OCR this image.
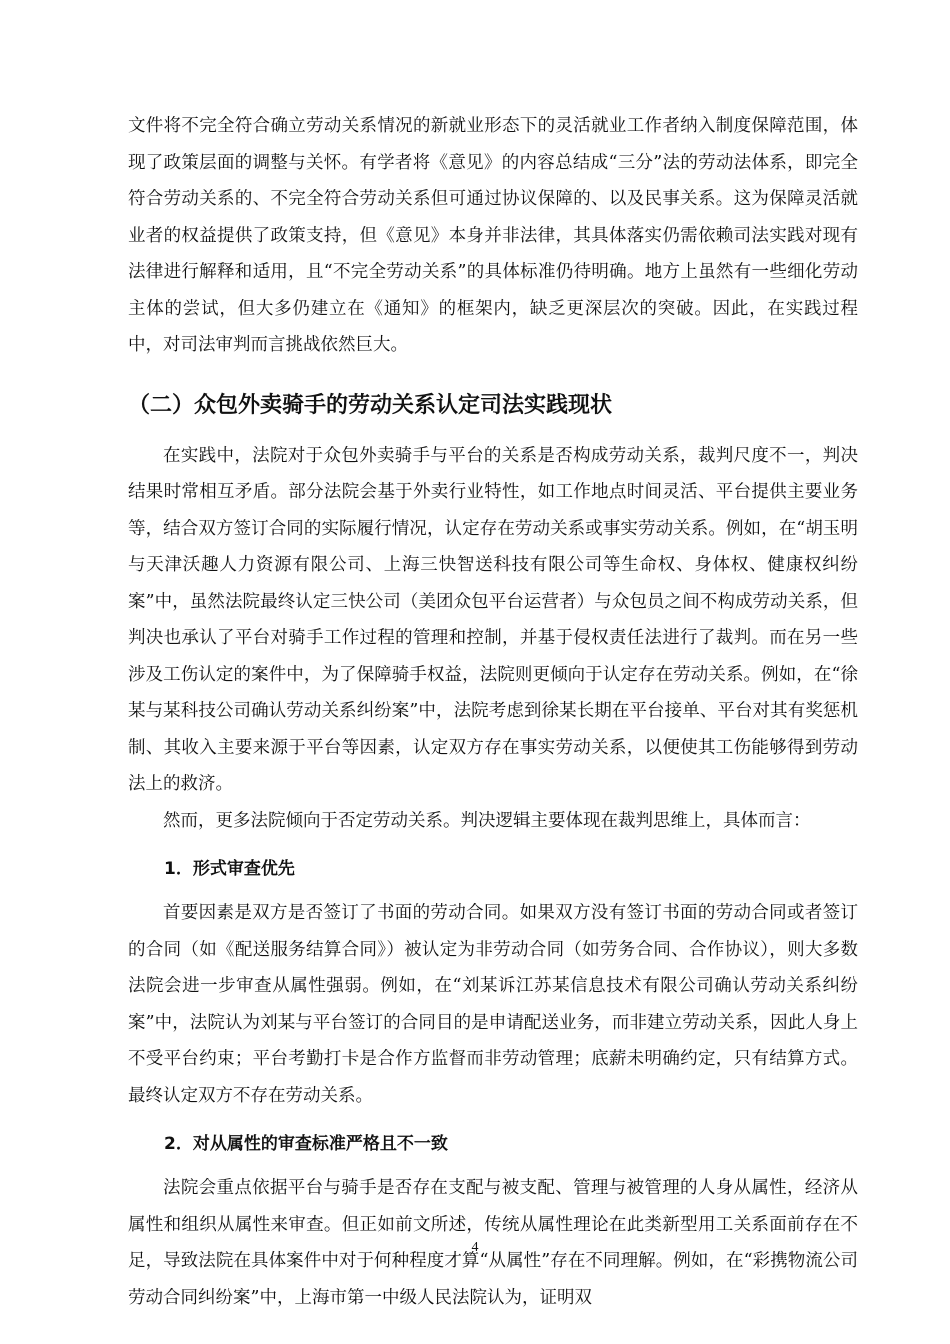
文件将不完全符合确立劳动关系情况的新就业形态下的灵活就业工作者纳入制度保障范围，体现了政策层面的调整与关怀。有学者将《意见》的内容总结成“三分”法的劳动法体系，即完全符合劳动关系的、不完全符合劳动关系但可通过协议保障的、以及民事关系。这为保障灵活就业者的权益提供了政策支持，但《意见》本身并非法律，其具体落实仍需依赖司法实践对现有法律进行解释和适用，且“不完全劳动关系”的具体标准仍待明确。地方上虽然有一些细化劳动主体的尝试，但大多仍建立在《通知》的框架内，缺乏更深层次的突破。因此，在实践过程中，对司法审判而言挑战依然巨大。

（二）众包外卖骑手的劳动关系认定司法实践现状

在实践中，法院对于众包外卖骑手与平台的关系是否构成劳动关系，裁判尺度不一，判决结果时常相互矛盾。部分法院会基于外卖行业特性，如工作地点时间灵活、平台提供主要业务等，结合双方签订合同的实际履行情况，认定存在劳动关系或事实劳动关系。例如，在“胡玉明与天津沃趣人力资源有限公司、上海三快智送科技有限公司等生命权、身体权、健康权纠纷案”中，虽然法院最终认定三快公司（美团众包平台运营者）与众包员之间不构成劳动关系，但判决也承认了平台对骑手工作过程的管理和控制，并基于侵权责任法进行了裁判。而在另一些涉及工伤认定的案件中，为了保障骑手权益，法院则更倾向于认定存在劳动关系。例如，在“徐某与某科技公司确认劳动关系纠纷案”中，法院考虑到徐某长期在平台接单、平台对其有奖惩机制、其收入主要来源于平台等因素，认定双方存在事实劳动关系，以便使其工伤能够得到劳动法上的救济。

然而，更多法院倾向于否定劳动关系。判决逻辑主要体现在裁判思维上，具体而言：

1．形式审查优先

首要因素是双方是否签订了书面的劳动合同。如果双方没有签订书面的劳动合同或者签订的合同（如《配送服务结算合同》）被认定为非劳动合同（如劳务合同、合作协议），则大多数法院会进一步审查从属性强弱。例如，在“刘某诉江苏某信息技术有限公司确认劳动关系纠纷案”中，法院认为刘某与平台签订的合同目的是申请配送业务，而非建立劳动关系，因此人身上不受平台约束；平台考勤打卡是合作方监督而非劳动管理；底薪未明确约定，只有结算方式。最终认定双方不存在劳动关系。

2．对从属性的审查标准严格且不一致

法院会重点依据平台与骑手是否存在支配与被支配、管理与被管理的人身从属性，经济从属性和组织从属性来审查。但正如前文所述，传统从属性理论在此类新型用工关系面前存在不足，导致法院在具体案件中对于何种程度才算“从属性”存在不同理解。例如，在“彩携物流公司劳动合同纠纷案”中，上海市第一中级人民法院认为，证明双

4
